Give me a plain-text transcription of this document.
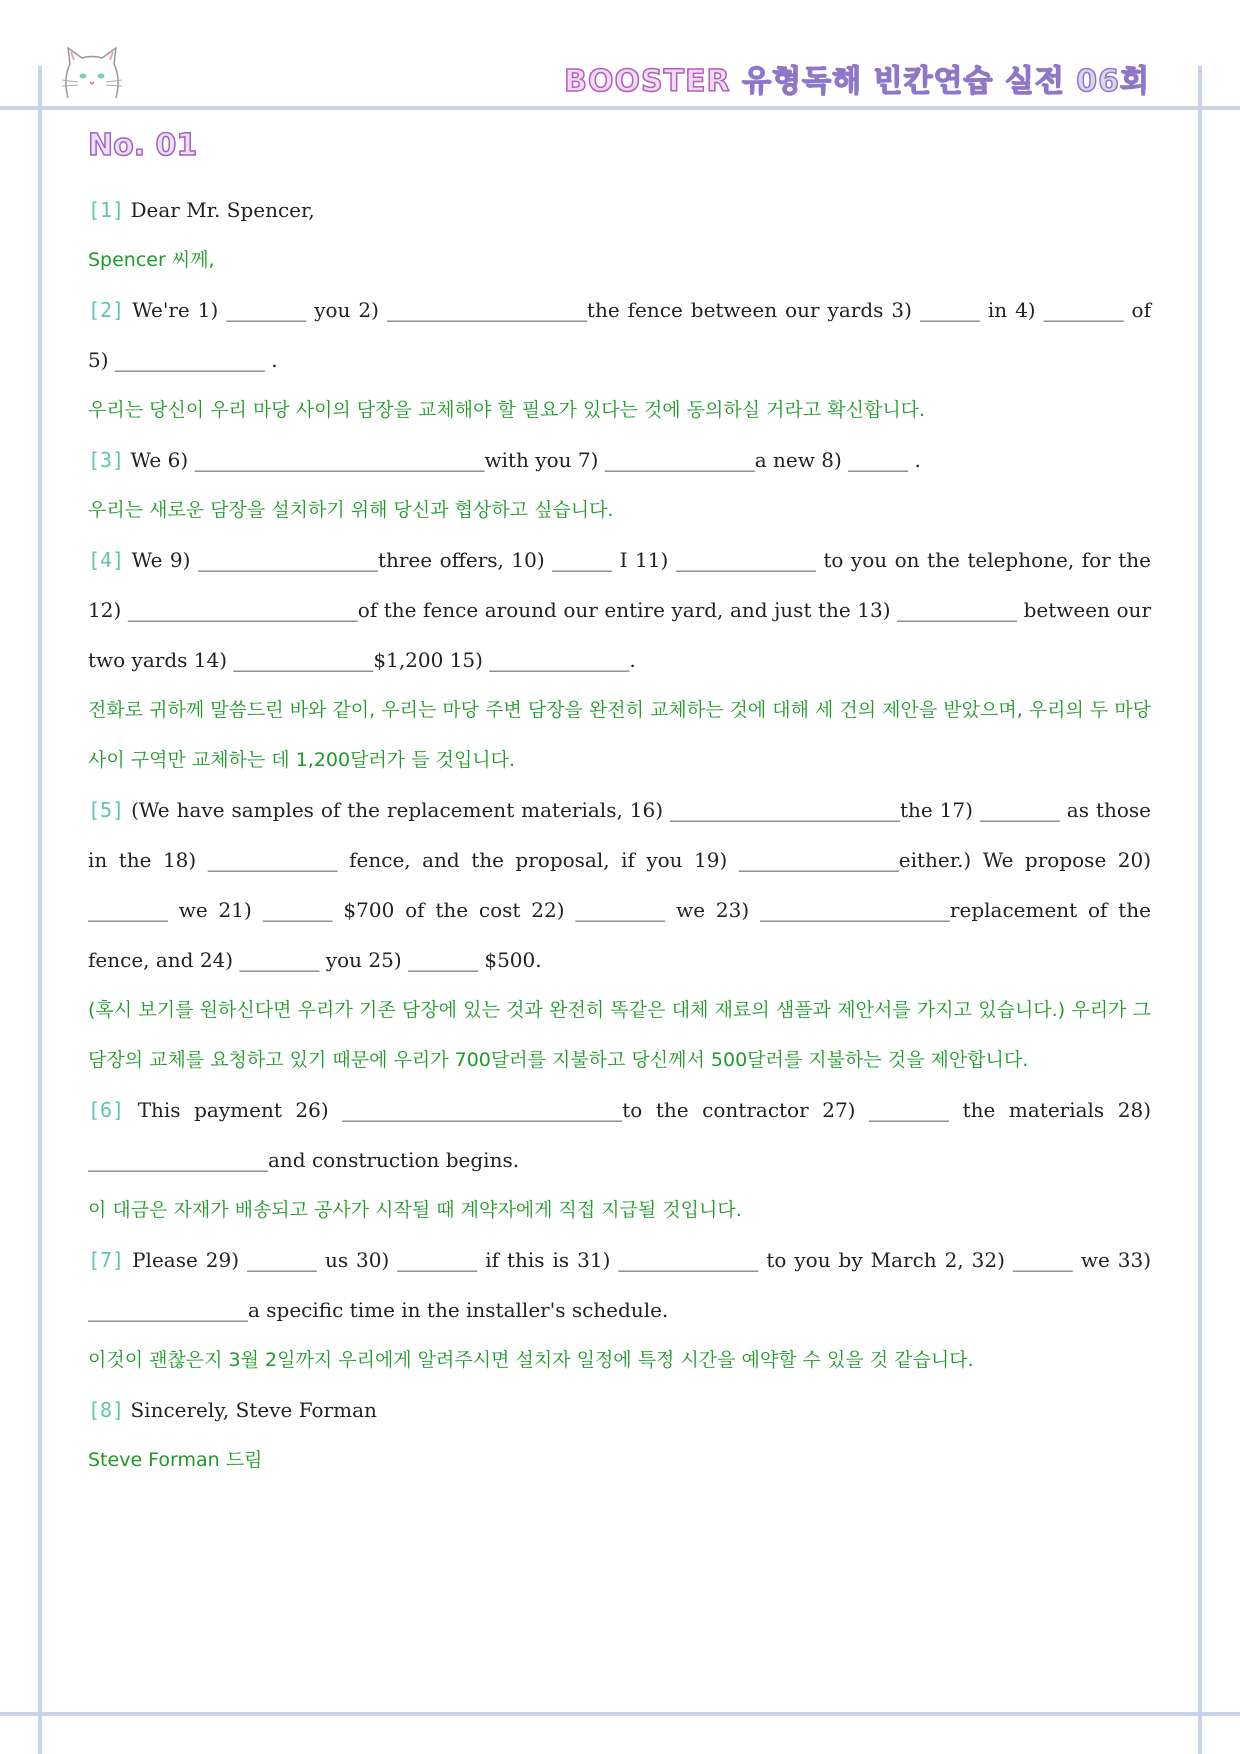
BOOSTER 유형독해 빈칸연습 실전 06회
No. 01

[1] Dear Mr. Spencer,

Spencer 씨께,

[2] We're 1) ________ you 2) ____________________the fence between our yards 3) ______ in 4) ________ of 5) _______________ .

우리는 당신이 우리 마당 사이의 담장을 교체해야 할 필요가 있다는 것에 동의하실 거라고 확신합니다.

[3] We 6) _____________________________with you 7) _______________a new 8) ______ .

우리는 새로운 담장을 설치하기 위해 당신과 협상하고 싶습니다.

[4] We 9) __________________three offers, 10) ______ I 11) ______________ to you on the telephone, for the 12) _______________________of the fence around our entire yard, and just the 13) ____________ between our two yards 14) ______________$1,200 15) ______________.

전화로 귀하께 말씀드린 바와 같이, 우리는 마당 주변 담장을 완전히 교체하는 것에 대해 세 건의 제안을 받았으며, 우리의 두 마당 사이 구역만 교체하는 데 1,200달러가 들 것입니다.

[5] (We have samples of the replacement materials, 16) _______________________the 17) ________ as those in the 18) _____________ fence, and the proposal, if you 19) ________________either.) We propose 20) ________ we 21) _______ $700 of the cost 22) _________ we 23) ___________________replacement of the fence, and 24) ________ you 25) _______ $500.

(혹시 보기를 원하신다면 우리가 기존 담장에 있는 것과 완전히 똑같은 대체 재료의 샘플과 제안서를 가지고 있습니다.) 우리가 그 담장의 교체를 요청하고 있기 때문에 우리가 700달러를 지불하고 당신께서 500달러를 지불하는 것을 제안합니다.

[6] This payment 26) ____________________________to the contractor 27) ________ the materials 28) __________________and construction begins.

이 대금은 자재가 배송되고 공사가 시작될 때 계약자에게 직접 지급될 것입니다.

[7] Please 29) _______ us 30) ________ if this is 31) ______________ to you by March 2, 32) ______ we 33) ________________a specific time in the installer's schedule.

이것이 괜찮은지 3월 2일까지 우리에게 알려주시면 설치자 일정에 특정 시간을 예약할 수 있을 것 같습니다.

[8] Sincerely, Steve Forman

Steve Forman 드림
